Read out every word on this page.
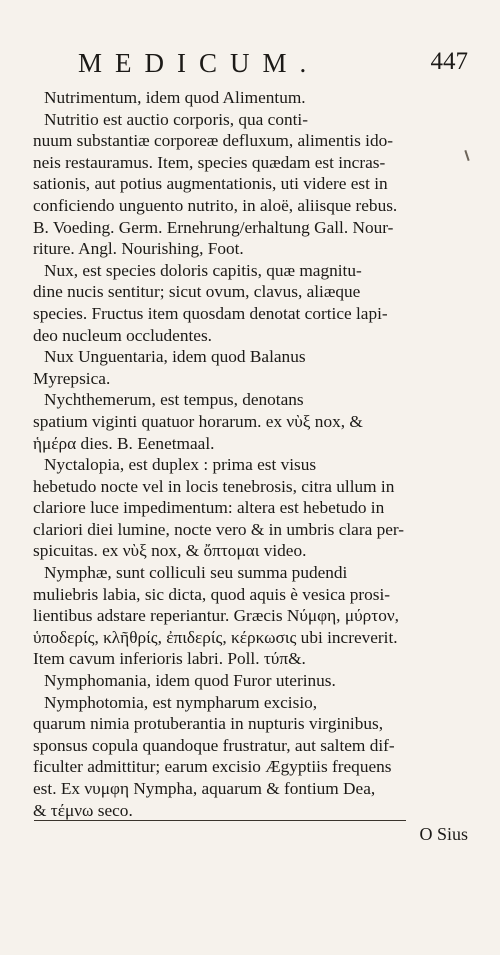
MEDICUM.	447

Nutrimentum, idem quod Alimentum.

Nutritio est auctio corporis, qua conti-
nuum substantiæ corporeæ defluxum, alimentis ido-
neis restauramus. Item, species quædam est incras-
sationis, aut potius augmentationis, uti videre est in
conficiendo unguento nutrito, in aloë, aliisque rebus.
B. Voeding. Germ. Ernehrung/erhaltung Gall. Nour-
riture. Angl. Nourishing, Foot.

Nux, est species doloris capitis, quæ magnitu-
dine nucis sentitur; sicut ovum, clavus, aliæque
species. Fructus item quosdam denotat cortice lapi-
deo nucleum occludentes.

Nux Unguentaria, idem quod Balanus
Myrepsica.

Nychthemerum, est tempus, denotans
spatium viginti quatuor horarum. ex νὺξ nox, &
ἡμέρα dies. B. Eenetmaal.

Nyctalopia, est duplex : prima est visus
hebetudo nocte vel in locis tenebrosis, citra ullum in
clariore luce impedimentum: altera est hebetudo in
clariori diei lumine, nocte vero & in umbris clara per-
spicuitas. ex νὺξ nox, & ὄπτομαι video.

Nymphæ, sunt colliculi seu summa pudendi
muliebris labia, sic dicta, quod aquis è vesica prosi-
lientibus adstare reperiantur. Græcis Νύμφη, μύρτον,
ὑποδερίς, κλῆθρίς, ἐπιδερίς, κέρκωσις ubi increverit.
Item cavum inferioris labri. Poll. τύπ&.

Nymphomania, idem quod Furor uterinus.

Nymphotomia, est nympharum excisio,
quarum nimia protuberantia in nupturis virginibus,
sponsus copula quandoque frustratur, aut saltem dif-
ficulter admittitur; earum excisio Ægyptiis frequens
est. Ex νυμφη Nympha, aquarum & fontium Dea,
& τέμνω seco.

O Sius
